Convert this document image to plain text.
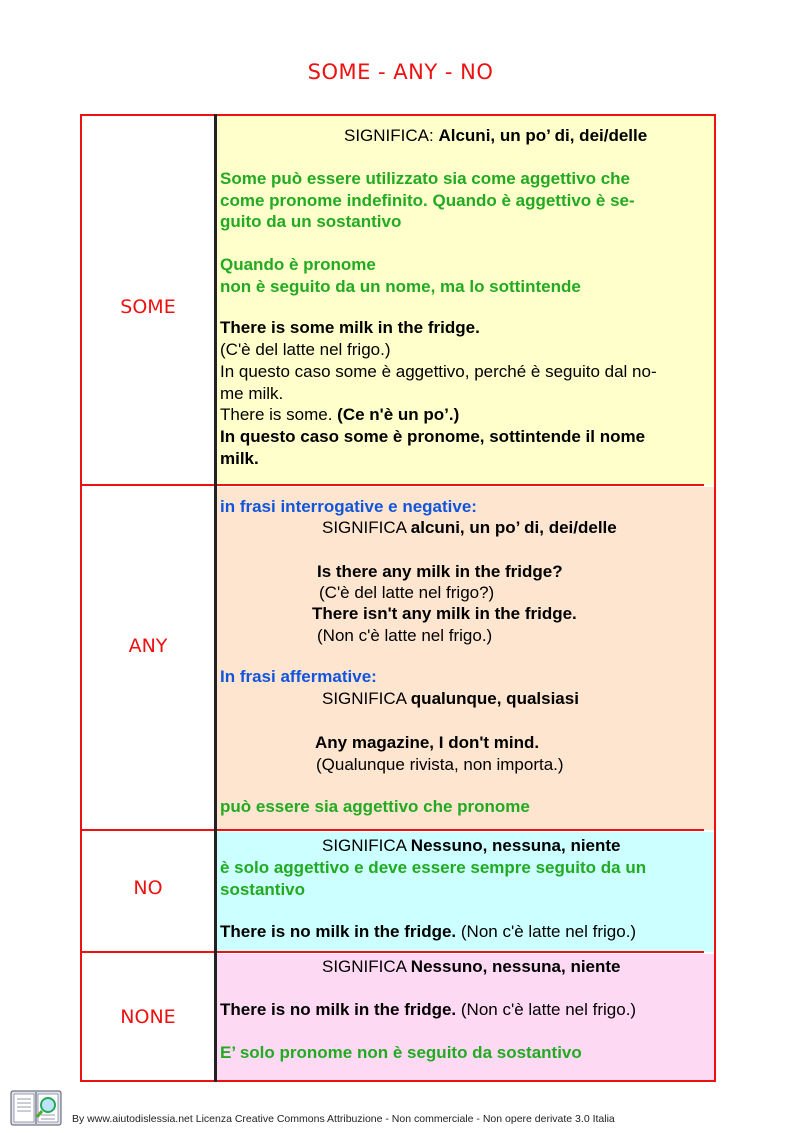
SOME - ANY - NO
SOME
ANY
NO
NONE
SIGNIFICA: Alcuni, un po’ di, dei/delle
Some può essere utilizzato sia come aggettivo che
come pronome indefinito. Quando è aggettivo è se-
guito da un sostantivo
Quando è pronome
non è seguito da un nome, ma lo sottintende
There is some milk in the fridge.
(C'è del latte nel frigo.)
In questo caso some è aggettivo, perché è seguito dal no-
me milk.
There is some. (Ce n'è un po’.)
In questo caso some è pronome, sottintende il nome
milk.
in frasi interrogative e negative:
SIGNIFICA alcuni, un po’ di, dei/delle
Is there any milk in the fridge?
(C'è del latte nel frigo?)
There isn't any milk in the fridge.
(Non c'è latte nel frigo.)
In frasi affermative:
SIGNIFICA qualunque, qualsiasi
Any magazine, I don't mind.
(Qualunque rivista, non importa.)
può essere sia aggettivo che pronome
SIGNIFICA Nessuno, nessuna, niente
è solo aggettivo e deve essere sempre seguito da un
sostantivo
There is no milk in the fridge. (Non c'è latte nel frigo.)
SIGNIFICA Nessuno, nessuna, niente
There is no milk in the fridge. (Non c'è latte nel frigo.)
E’ solo pronome non è seguito da sostantivo
By www.aiutodislessia.net Licenza Creative Commons Attribuzione - Non commerciale - Non opere derivate 3.0 Italia
